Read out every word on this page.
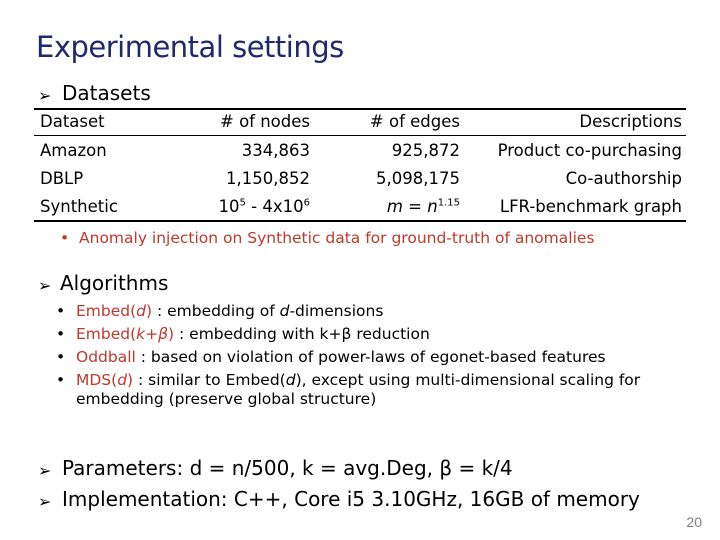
Experimental settings
➢ Datasets
Dataset	# of nodes	# of edges	Descriptions
Amazon	334,863	925,872	Product co-purchasing
DBLP	1,150,852	5,098,175	Co-authorship
Synthetic	$10^5 - 4x10^6$	$m = n^{1.15}$	LFR-benchmark graph
• Anomaly injection on Synthetic data for ground-truth of anomalies
➢ Algorithms
• Embed(d) : embedding of d-dimensions
• Embed(k+β) : embedding with k+β reduction
• Oddball : based on violation of power-laws of egonet-based features
• MDS(d) : similar to Embed(d), except using multi-dimensional scaling for embedding (preserve global structure)
➢ Parameters: d = n/500, k = avg.Deg, β = k/4
➢ Implementation: C++, Core i5 3.10GHz, 16GB of memory
20
